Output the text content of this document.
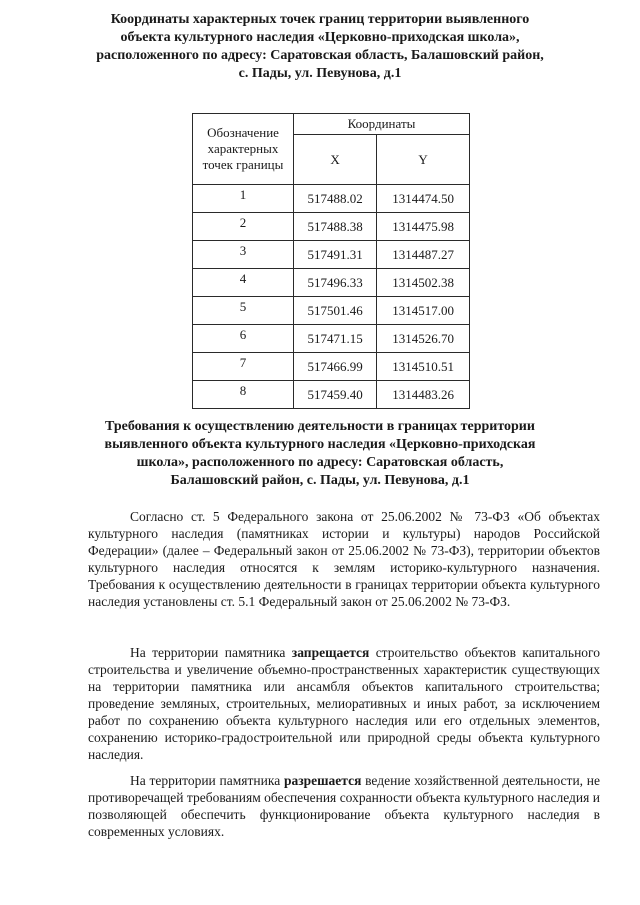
Координаты характерных точек границ территории выявленного
объекта культурного наследия «Церковно-приходская школа»,
расположенного по адресу: Саратовская область, Балашовский район,
с. Пады, ул. Певунова, д.1
Обозначение характерных точек границы	Координаты	
	X	Y
1	517488.02	1314474.50
2	517488.38	1314475.98
3	517491.31	1314487.27
4	517496.33	1314502.38
5	517501.46	1314517.00
6	517471.15	1314526.70
7	517466.99	1314510.51
8	517459.40	1314483.26
Требования к осуществлению деятельности в границах территории
выявленного объекта культурного наследия «Церковно-приходская
школа», расположенного по адресу: Саратовская область,
Балашовский район, с. Пады, ул. Певунова, д.1
Согласно ст. 5 Федерального закона от 25.06.2002 № 73-ФЗ «Об объектах культурного наследия (памятниках истории и культуры) народов Российской Федерации» (далее – Федеральный закон от 25.06.2002 № 73-ФЗ), территории объектов культурного наследия относятся к землям историко-культурного назначения. Требования к осуществлению деятельности в границах территории объекта культурного наследия установлены ст. 5.1 Федеральный закон от 25.06.2002 № 73-ФЗ.
На территории памятника запрещается строительство объектов капитального строительства и увеличение объемно-пространственных характеристик существующих на территории памятника или ансамбля объектов капитального строительства; проведение земляных, строительных, мелиоративных и иных работ, за исключением работ по сохранению объекта культурного наследия или его отдельных элементов, сохранению историко-градостроительной или природной среды объекта культурного наследия.
На территории памятника разрешается ведение хозяйственной деятельности, не противоречащей требованиям обеспечения сохранности объекта культурного наследия и позволяющей обеспечить функционирование объекта культурного наследия в современных условиях.
